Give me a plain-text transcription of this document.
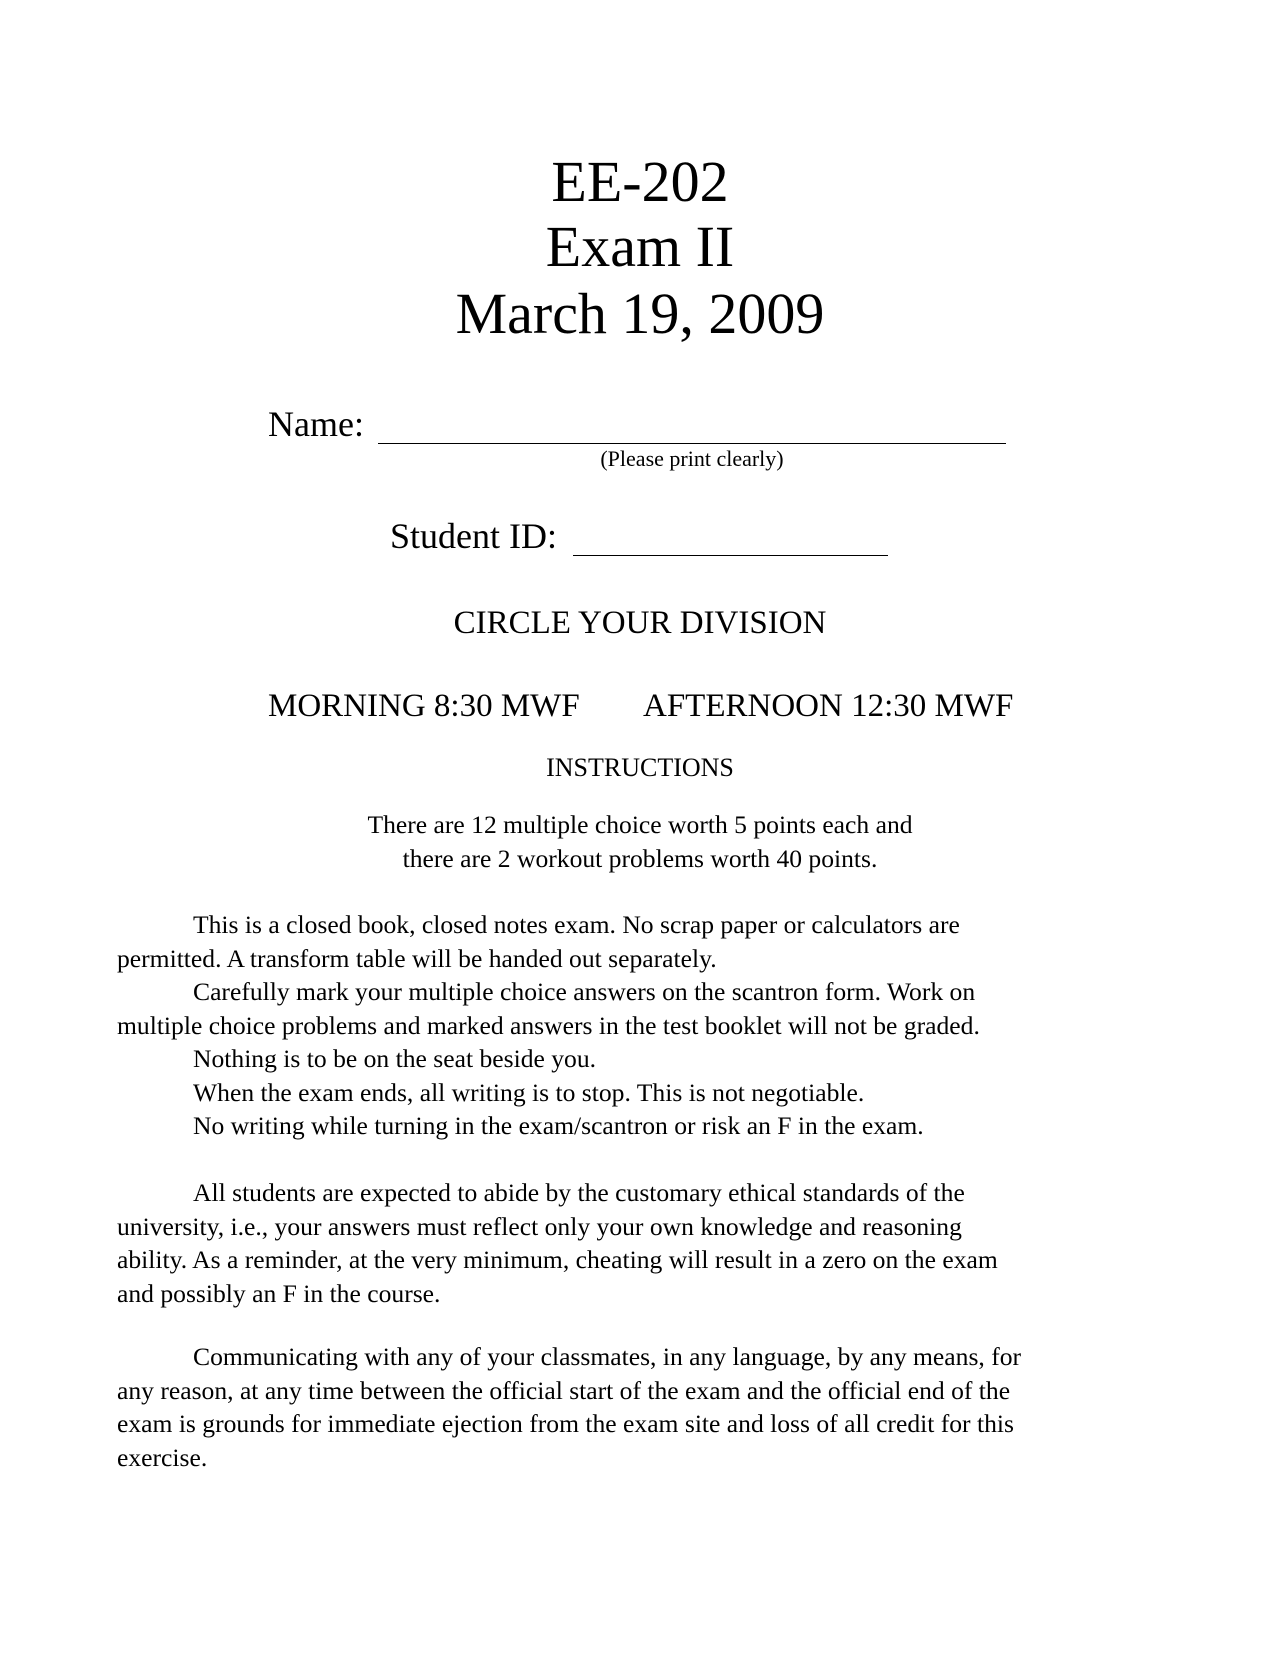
EE-202
Exam II
March 19, 2009
Name:
(Please print clearly)
Student ID:
CIRCLE YOUR DIVISION
MORNING 8:30 MWF AFTERNOON 12:30 MWF
INSTRUCTIONS
There are 12 multiple choice worth 5 points each and
there are 2 workout problems worth 40 points.
This is a closed book, closed notes exam. No scrap paper or calculators are
permitted. A transform table will be handed out separately.
Carefully mark your multiple choice answers on the scantron form. Work on
multiple choice problems and marked answers in the test booklet will not be graded.
Nothing is to be on the seat beside you.
When the exam ends, all writing is to stop. This is not negotiable.
No writing while turning in the exam/scantron or risk an F in the exam.
All students are expected to abide by the customary ethical standards of the
university, i.e., your answers must reflect only your own knowledge and reasoning
ability. As a reminder, at the very minimum, cheating will result in a zero on the exam
and possibly an F in the course.
Communicating with any of your classmates, in any language, by any means, for
any reason, at any time between the official start of the exam and the official end of the
exam is grounds for immediate ejection from the exam site and loss of all credit for this
exercise.
